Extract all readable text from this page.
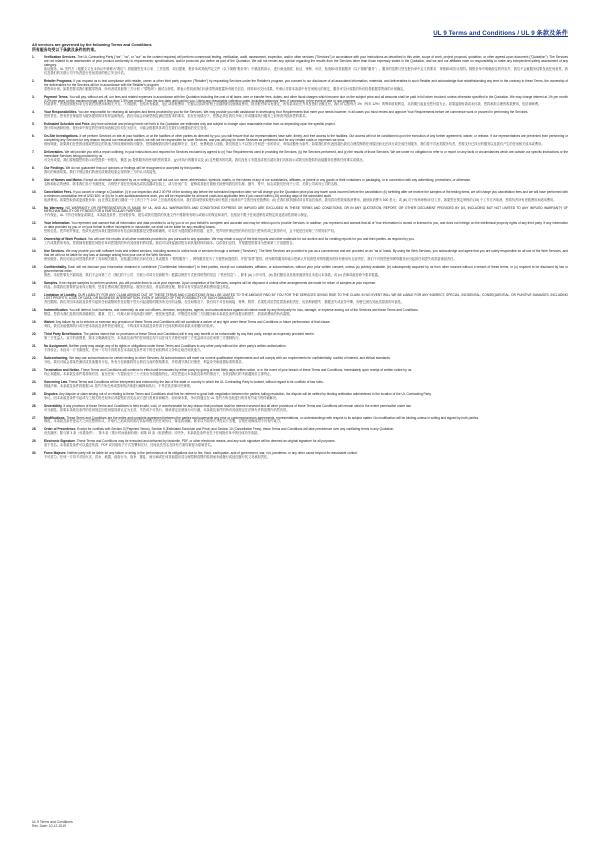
UL 9 Terms and Conditions / UL 9 条款及条件
All services are governed by the following Terms and Conditions
所有服务均受以下条款及条件的约束。
1.	Verification Services. The UL Contracting Party ("we", "us", or "our" as the context requires) will perform commercial testing, verification, audit, assessment, inspection, and/or other services ("Services") in accordance with your instructions as described in this order, scope of work, project proposal, quotation, or other agreed-upon document ("Quotation"). The Services are not related to an assessment of your product conformity to requirements; specifications, and/or protocols you define as part of the Quotation. We will not render any opinion regarding the results from the Services other than those expressly stated in the Quotation, and we and our affiliates have no responsibility to make any independent safety assessment of any category.
验证服务。UL 签约方（根据文义在本协议中被称为"我们"）将根据您在本订单、工作范围、项目提案、报价单或其他约定文件（以下简称"报价单"）中描述的指示，进行商业测试、验证、审核、评估、检查和/或其他服务（以下简称"服务"）。服务的范围与您在报价单中定义的要求、规格和/或协议相符。除报价单中明确规定的内容外，我们不会就服务结果发表任何意见，我们及我们的关联公司不负责进行任何类别的独立安全评估。
2.	Retailer Programs. If you request us to test compliance with retailer, owner or other third party program ("Retailer") by requesting Services under the Retailer's program, you consent to our disclosure of all associated information, materials, and deliverables to such Retailer and acknowledge that notwithstanding any term to the contrary in these Terms, the ownership of the deliverables for the Services will be in accordance with the Retailer's program.
零售商计划。如果您要求我们根据零售商、所有者或其他第三方计划（"零售商"）测试合规性，即表示您同意我们向该零售商披露所有相关信息、材料和可交付成果，并承认尽管本条款中有任何相反的规定，服务可交付成果的所有权将根据零售商的计划确定。
3.	Payment Terms. You will pay, without set-off, our fees and related expenses in accordance with the Quotation including the cost of all taxes, wire or transfer fees, duties, and other fiscal charges which become due on the subject price and all amounts shall be paid in full when invoiced, unless otherwise specified in the Quotation. We may charge interest at 1% per month (12% per year) on the maximum legal rate if less than 1.5% per month. From the due date until paid by you. Using any reasonable collection costs, including attorneys' fees, if necessary, in the event of late or non-payment.
付款条件。您将按照报价单支付我们的费用和相关开支，不得抵销，包括所有税款、电汇或转账费用、关税以及标的价格上应缴纳的其他财政费用，除非报价单另有规定，所有款项应在开具发票时全额支付。我们可以按每月 1%（每年 12%）的利率收取利息，从到期日起直至您付清为止。如果逾期付款或未付款，您将承担合理的收款费用，包括律师费。
4.	Your Responsibilities. You are responsible for retaining all samples and items provided by you for the Services. We may provide you with assistance in developing Your Requirements that meet your needs however, in all cases you must review and approve Your Requirements before we commence work or proceed in performing the Services.
您的责任。您有责任保留您为服务提供的所有样品和物品。我们可能会协助您制定满足您需求的要求，但在任何情况下，您都必须在我们开始工作或继续执行服务之前审查并批准您的要求。
5.	Estimated Schedule and Price. Any time schedule and pricing herein set forth in the Quotation are estimates only and subject to change upon reasonable notice from us depending upon the specific project.
预计时间表和价格。报价单中规定的任何时间表和定价均仅为估计，可能会根据具体项目在我们合理通知后发生变化。
6.	On-Site Investigations. If we perform Services on site at your facilities, or at the facilities of other parties as directed by you, you will ensure that our representatives have safe, timely, and free access to the facilities. Our access will not be conditioned upon the execution of any further agreement, waiver, or release. If our representatives are prevented from performing or completing any Services for any reason beyond our reasonable control, we will not be responsible for such Services, and you will pay for those Services as performed and for any related costs or expenses we incur.
现场调查。如果我们在您的设施或您指定的其他方的设施现场执行服务，您将确保我们的代表能够安全、及时、免费地进入设施。我们的进入不以签订任何进一步的协议、弃权或豁免为条件。如果我们的代表因超出我们合理控制的任何原因而无法执行或完成任何服务，我们将不对此类服务负责，您将支付已执行的服务以及我们产生的任何相关成本或费用。
7.	Deliverables. We will provide you with a report outlining, in your instructions and required for Services excluded by agreed to (x) Your Requirements used in providing the Services, (y) the Services performed, and (z) the results of those Services. We are under no obligation to refer to or report on any facts or circumstances which are outside our specific instructions or the immediate Services being provided by us.
可交付成果。我们将根据您的指示向您提供一份报告，概述 (x) 提供服务时使用的您的要求、(y) 所执行的服务以及 (z) 这些服务的结果。我们没有义务提及或报告超出我们具体指示或我们所提供的直接服务范围的任何事实或情况。
8.	Our Findings. We do not guarantee that our opinions or findings will be recognized or accepted by third parties.
我们的调查结果。我们不保证我们的意见或调查结果会得到第三方的认可或接受。
9.	Use of Names and Marks. Except as otherwise authorized by us in writing, you will not use our name, abbreviation, symbols, marks, or the names of any of our subsidiaries, affiliates, or parent or any goods or their containers or packaging, or in connection with any advertising, promotions, or otherwise.
名称和标志的使用。除非我们另行书面授权，否则您不得在任何商品或其容器或包装上，或与任何广告、促销或其他方面相关地使用我们的名称、缩写、符号、标志或我们任何子公司、关联公司或母公司的名称。
10.	Cancellation Fees. If you cancel or change a Quotation: (i) in our inspection visit 2.00 PM of the working day before the scheduled inspection date; we will charge you the Quotation price plus any travel costs incurred before the cancellation; (ii) forfeiting after we receive the samples of the testing items, we will charge you cancellation fees and we will have performed with a minimum cancellation fee of USD 500; or (iii) for in-site audit/assessment work, you will be responsible for all travel costs and applicable fees if you cancel within (15) working days of the scheduled audit.
取消费用。如果您取消或更改报价单：(i) 在预定检查日期前一个工作日下午 2:00 之后取消检验访问，我们将向您收取报价单价格加上取消前产生的任何差旅费用；(ii) 在我们收到测试项目样品后取消，我们将向您收取取消费用，最低取消费为 500 美元；或 (iii) 对于现场审核/评估工作，如果您在预定审核的 (15) 个工作日内取消，您将负责所有差旅费用和适用费用。
11.	No Warranty. NO WARRANTY OR REPRESENTATION IS MADE BY UL, AND ALL WARRANTIES AND CONDITIONS EXPRESS OR IMPLIED ARE EXCLUDED IN THESE TERMS AND CONDITIONS, OR IN ANY QUOTATION, REPORT, OR OTHER DOCUMENT PROVIDED BY US, INCLUDING BUT NOT LIMITED TO ANY IMPLIED WARRANTY OF MERCHANTABILITY OR FITNESS FOR A PARTICULAR PURPOSE.
不作保证。UL 不作任何保证或陈述，本条款及条件、任何报价单、报告或我们提供的其他文件中排除所有明示或暗示的保证和条件，包括但不限于任何适销性或特定用途适用性的暗示保证。
12.	Your Information. You represent and warrant that all information and data provided to us by you or on your behalf is complete and accurate and may be relied upon to provide Services. In addition, you represent and warrant that all of Your Information is owned or licensed to you, and does not infringe on the intellectual property rights of any third party. If any information or data provided by you or on your behalf is either incomplete or inaccurate, we shall not be liable for any resulting losses.
您的信息。您声明并保证，您或代表您向我们提供的所有信息和数据都是完整和准确的，可以作为提供服务的依据。此外，您声明并保证您的所有信息归您所有或已获得许可，且不侵犯任何第三方的知识产权。
13.	Ownership of Work Product. You will own the results of all other materials provided to you pursuant to any quotation. We may retain a copy of the test reports and other materials for our archive and for creating reports for you and third parties, as required by you.
工作成果的所有权。您将拥有根据任何报价单向您提供的所有其他材料的结果。我们可以保留测试报告和其他材料的副本，以供我们存档，并根据您的要求为您和第三方创建报告。
14.	Use Services. We may provide you with software tools and related services, including access to online tools or services through a website ("Services"). The Web Services are provided to you as a convenience and are provided on an "as is" basis. By using the Web Services, you acknowledge and agree that you are solely responsible for all use of the Web Services, and that we will not be liable for any loss or damage arising from your use of the Web Services.
使用服务。我们可能会向您提供软件工具和相关服务，包括通过网站访问在线工具或服务（"网络服务"）。网络服务是为了方便您而提供的，并按"原样"提供。使用网络服务即表示您承认并同意您对网络服务的所有使用负全部责任，我们不对因您使用网络服务而引起的任何损失或损害承担责任。
15.	Confidentiality. Each will not disclose your information obtained in confidence ("Confidential Information") to third parties, except our subsidiaries, affiliates, or subcontractors, without your prior written consent, unless (a) publicly available, (b) subsequently acquired by us from other sources without a breach of these terms, or (c) required to be disclosed by law or governmental order.
保密。未经您事先书面同意，我们不会向第三方（我们的子公司、关联公司或分包商除外）披露以保密方式获得的您的信息（"机密信息"），除非 (a) 公开可得，(b) 我们随后从其他来源获得且未违反本条款，或 (c) 法律或政府命令要求披露。
16.	Samples. If we require samples to perform services, you will provide them to us at your expense. Upon completion of the Services, samples will be disposed of unless other arrangements are made for return of samples at your expense.
样品。如果我们需要样品来执行服务，您将自费向我们提供样品。服务完成后，样品将被处理，除非另有安排由您承担费用退还样品。
17.	Limitation of Liability. OUR LIABILITY FOR ANY CLAIM ARISING OUT OF THESE TERMS AND CONDITIONS SHALL BE LIMITED TO THE AMOUNT PAID BY YOU FOR THE SERVICES GIVING RISE TO THE CLAIM. IN NO EVENT WILL WE BE LIABLE FOR ANY INDIRECT, SPECIAL, INCIDENTAL, CONSEQUENTIAL, OR PUNITIVE DAMAGES, INCLUDING LOST PROFITS, LOSS OF DATA, OR BUSINESS INTERRUPTION, EVEN IF ADVISED OF THE POSSIBILITY OF SUCH DAMAGES.
责任限制。我们对因本条款及条件引起的任何索赔的责任应限于您为引起索赔的服务所支付的金额。在任何情况下，我们均不对任何间接、特殊、附带、后果性或惩罚性损害承担责任，包括利润损失、数据丢失或业务中断，即使已被告知此类损害的可能性。
18.	Indemnification. You will defend, hold harmless, and indemnify us and our officers, directors, employees, agents, and subcontractors against all claims made by any third party for loss, damage, or expense arising out of the Services and these Terms and Conditions.
赔偿。您将为我们及我们的高级职员、董事、员工、代理人和分包商进行辩护，使其免受损害，并赔偿任何第三方因服务和本条款及条件而提出的损失、损害或费用的所有索赔。
19.	Waiver. Any failure by us to enforce or exercise any provision of these Terms and Conditions will not constitute a waiver of any right under these Terms and Conditions or future performance of that clause.
弃权。我们未能强制执行或行使本条款及条件的任何规定，不构成对本条款及条件项下任何权利或该条款未来履行的放弃。
20.	Third Party Beneficiaries. The parties intend that no provisions of these Terms and Conditions will in any way benefit or be enforceable by any third party, except as expressly provided herein.
第三方受益人。双方的意图是，除本文明确规定外，本条款及条件的任何规定均不以任何方式使任何第三方受益或可由任何第三方强制执行。
21.	No Assignment. Neither party may assign any of its rights or obligations under these Terms and Conditions to any other party without the other party's written authorization.
不得转让。未经另一方书面授权，任何一方均不得将其在本条款及条件项下的任何权利或义务转让给任何其他方。
22.	Subcontracting. We may use subcontractors for certain testing or other Services. All subcontractors will meet our current qualification requirements and will comply with our requirements for confidentiality, conflict of interest, and ethical standards.
分包。我们可能会将某些测试或其他服务分包。所有分包商都将符合我们当前的资格要求，并将遵守我们对保密、利益冲突和道德标准的要求。
23.	Termination and Notice. These Terms and Conditions will continue in effect until terminated by either party by giving at least thirty days written notice, or in the event of your breach of these Terms and Conditions, immediately upon receipt of written notice by us.
终止和通知。本条款及条件将持续有效，直至任何一方提前至少三十天发出书面通知终止，或在您违反本条款及条件的情况下，在收到我们的书面通知后立即终止。
24.	Governing Law. These Terms and Conditions will be interpreted and enforced by the law of the state or country in which the UL Contracting Party is located, without regard to its conflicts of law rules.
管辖法律。本条款及条件将根据 UL 签约方所在州或国家的法律进行解释和执行，不考虑其法律冲突规则。
25.	Disputes. Any dispute or claim arising out of or relating to these Terms and Conditions shall first be referred to good faith negotiation between the parties; failing resolution, the dispute will be settled by binding arbitration administered in the location of the UL Contracting Party.
争议。因本条款及条件引起或与之相关的任何争议或索赔应首先由双方进行善意协商解决；如协商未果，争议将通过在 UL 签约方所在地进行的具有约束力的仲裁解决。
26.	Severability. If any provision of these Terms and Conditions is held invalid, void, or unenforceable for any reason that provision shall be deemed severed and all other provisions of these Terms and Conditions will remain valid to the extent permissible under law.
可分割性。如果本条款及条件的任何规定因任何原因被认定为无效、失效或不可执行，则该规定应被视为可分割，本条款及条件的所有其他规定在法律允许的范围内仍然有效。
27.	Modifications. These Terms and Conditions are the entire and complete agreement between the parties and supersede any prior or contemporaneous agreements, representations, or understandings with respect to its subject matter. No modification will be binding unless in writing and signed by both parties.
修改。本条款及条件是双方之间完整的协议，并取代之前或同时期与其标的相关的任何协议、陈述或谅解。除非以书面形式并经双方签署，否则任何修改均不具有约束力。
28.	Order of Precedence. Except for conflicts with Section 3 (Payment Terms), Section 5 (Estimated Schedule and Price) and Section 10 (Cancellation Fees), these Terms and Conditions will take precedence over any conflicting terms in any Quotation.
优先顺序。除与第 3 条（付款条件）、第 5 条（预计时间表和价格）和第 10 条（取消费用）冲突外，本条款及条件优先于任何报价单中的任何冲突条款。
29.	Electronic Signature. These Terms and Conditions may be executed and delivered by facsimile, PDF, or other electronic means, and any such signature will be deemed an original signature for all purposes.
电子签名。本条款及条件可以通过传真、PDF 或其他电子方式签署和交付，任何此类签名在所有方面均被视为原始签名。
30.	Force Majeure. Neither party will be liable for any failure or delay in the performance of its obligations due to fire, flood, earthquake, acts of government, war, riot, pandemic, or any other cause beyond its reasonable control.
不可抗力。任何一方均不对因火灾、洪水、地震、政府行为、战争、暴乱、流行病或任何其他超出其合理控制范围的原因而未能履行或延迟履行其义务承担责任。
UL 9 Terms and Conditions
Rev. Date: 10-12-2019
